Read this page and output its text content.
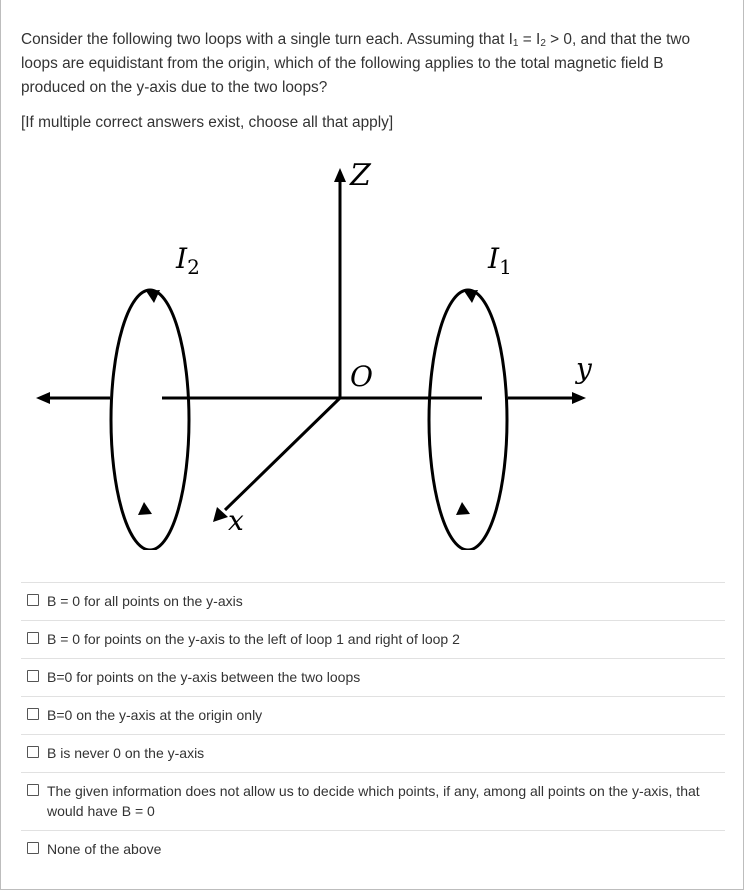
Consider the following two loops with a single turn each. Assuming that $I_1 = I_2 > 0$, and that the two loops are equidistant from the origin, which of the following applies to the total magnetic field B produced on the y-axis due to the two loops?

[If multiple correct answers exist, choose all that apply]

Z
O	y
x
$I_2$	$I_1$
B = 0 for all points on the y-axis
B = 0 for points on the y-axis to the left of loop 1 and right of loop 2
B=0 for points on the y-axis between the two loops
B=0 on the y-axis at the origin only
B is never 0 on the y-axis
The given information does not allow us to decide which points, if any, among all points on the y-axis, that would have B = 0
None of the above
